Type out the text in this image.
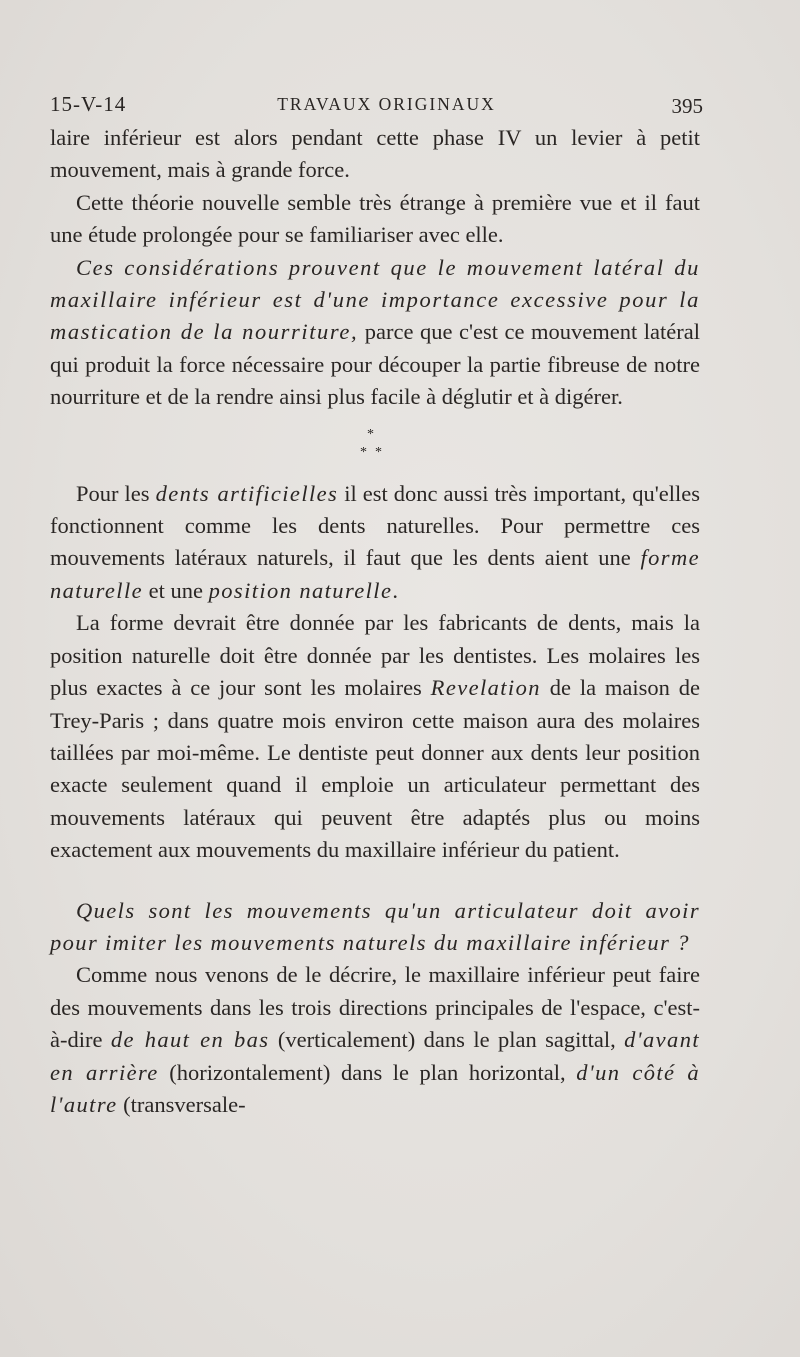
15-V-14	TRAVAUX ORIGINAUX	395

laire inférieur est alors pendant cette phase IV un levier à petit mouvement, mais à grande force.

Cette théorie nouvelle semble très étrange à première vue et il faut une étude prolongée pour se familiariser avec elle.

Ces considérations prouvent que le mouvement latéral du maxillaire inférieur est d'une importance excessive pour la mastication de la nourriture, parce que c'est ce mouvement latéral qui produit la force nécessaire pour découper la partie fibreuse de notre nourriture et de la rendre ainsi plus facile à déglutir et à digérer.

*
* *

Pour les dents artificielles il est donc aussi très important, qu'elles fonctionnent comme les dents naturelles. Pour permettre ces mouvements latéraux naturels, il faut que les dents aient une forme naturelle et une position naturelle.

La forme devrait être donnée par les fabricants de dents, mais la position naturelle doit être donnée par les dentistes. Les molaires les plus exactes à ce jour sont les molaires Revelation de la maison de Trey-Paris ; dans quatre mois environ cette maison aura des molaires taillées par moi-même. Le dentiste peut donner aux dents leur position exacte seulement quand il emploie un articulateur permettant des mouvements latéraux qui peuvent être adaptés plus ou moins exactement aux mouvements du maxillaire inférieur du patient.

Quels sont les mouvements qu'un articulateur doit avoir pour imiter les mouvements naturels du maxillaire inférieur ?

Comme nous venons de le décrire, le maxillaire inférieur peut faire des mouvements dans les trois directions principales de l'espace, c'est-à-dire de haut en bas (verticalement) dans le plan sagittal, d'avant en arrière (horizontalement) dans le plan horizontal, d'un côté à l'autre (transversale-
